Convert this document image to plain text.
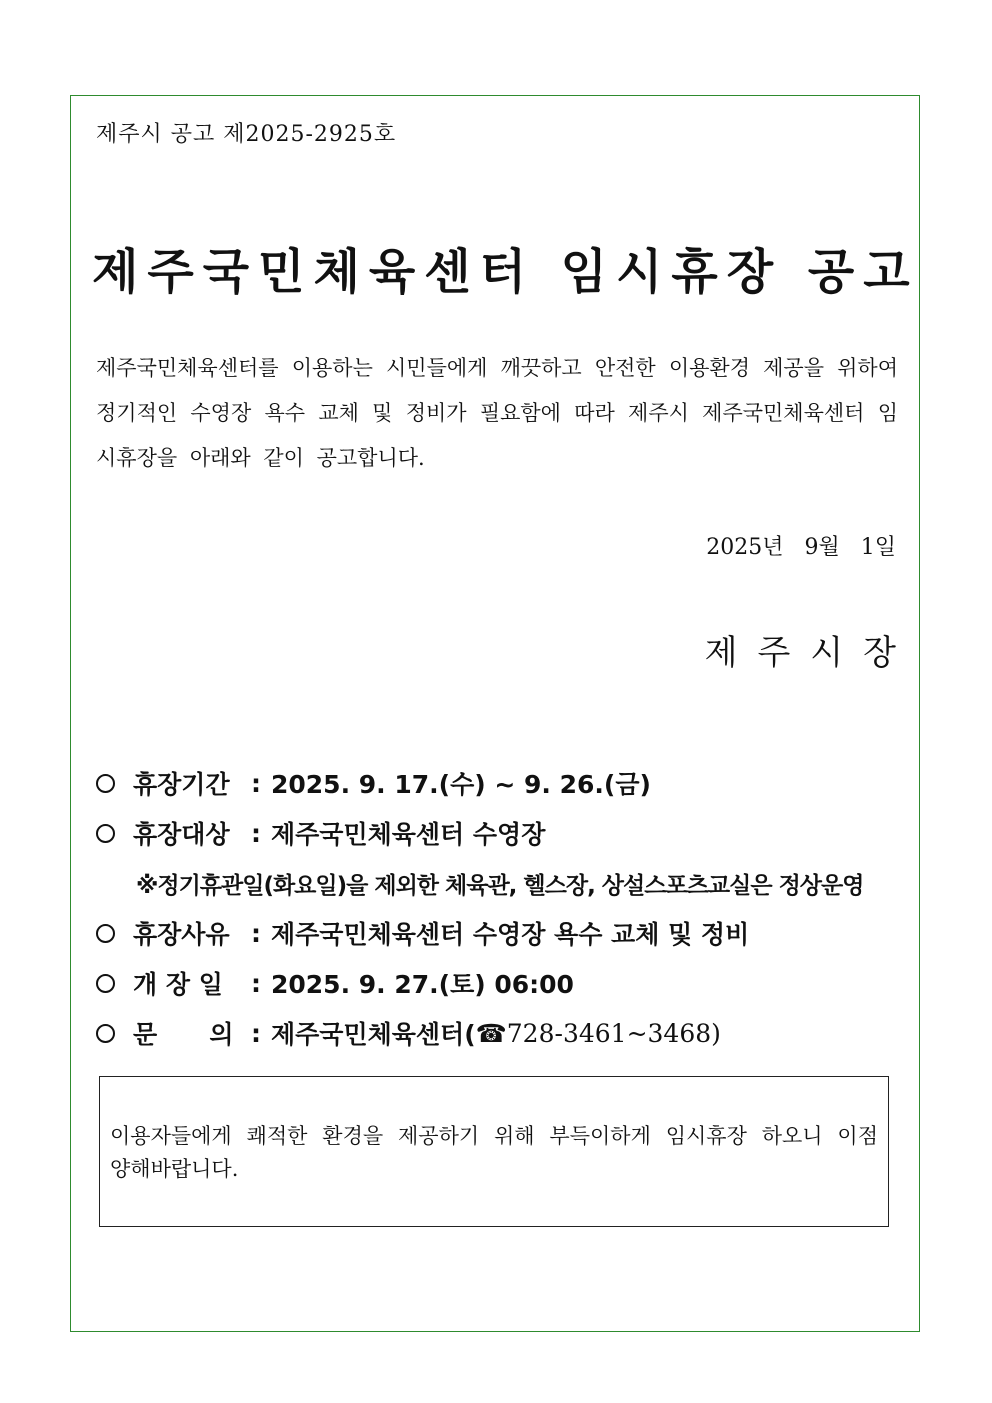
제주시 공고 제2025-2925호
제주국민체육센터 임시휴장 공고
제주국민체육센터를 이용하는 시민들에게 깨끗하고 안전한 이용환경 제공을 위하여 정기적인 수영장 욕수 교체 및 정비가 필요함에 따라 제주시 제주국민체육센터 임시휴장을 아래와 같이 공고합니다.
2025년   9월   1일
제주시장
휴장기간 : 2025. 9. 17.(수) ~ 9. 26.(금)
휴장대상 : 제주국민체육센터 수영장
※정기휴관일(화요일)을 제외한 체육관, 헬스장, 상설스포츠교실은 정상운영
휴장사유 : 제주국민체육센터 수영장 욕수 교체 및 정비
개 장 일	: 2025. 9. 27.(토) 06:00
문      의 : 제주국민체육센터( ☎728-3461~3468)
이용자들에게 쾌적한 환경을 제공하기 위해 부득이하게 임시휴장 하오니 이점 양해바랍니다.
